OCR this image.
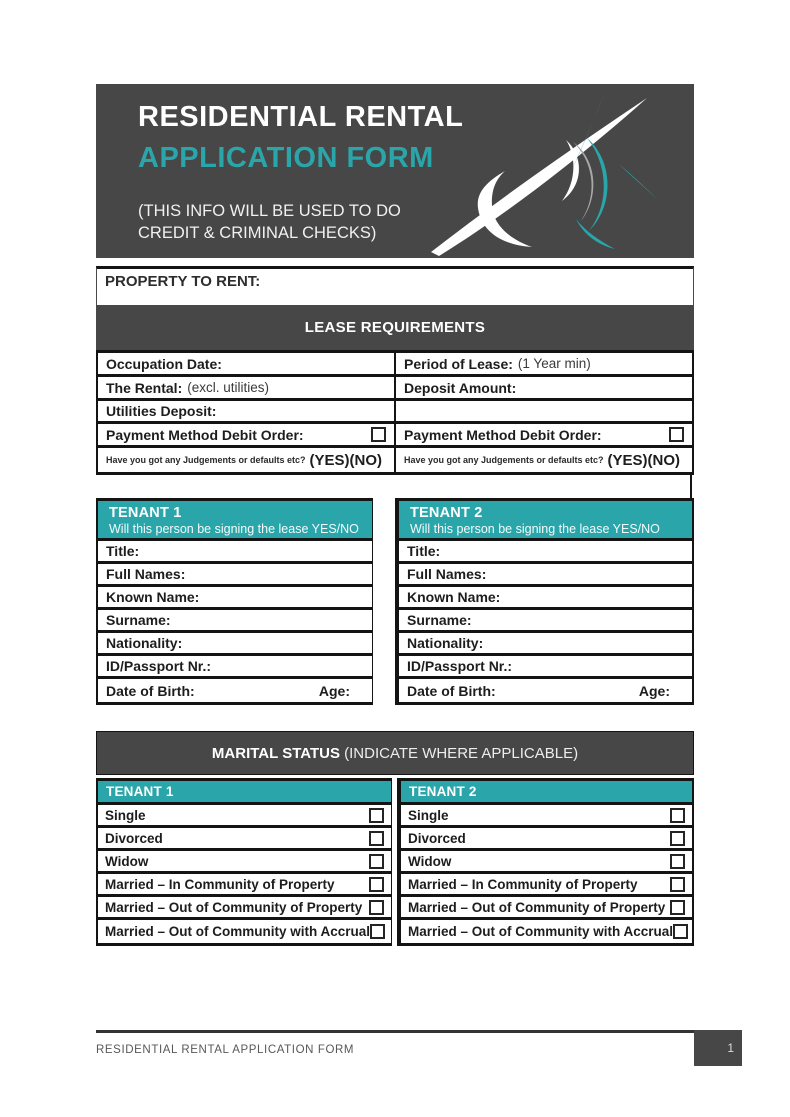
RESIDENTIAL RENTAL
APPLICATION FORM
(THIS INFO WILL BE USED TO DO
CREDIT & CRIMINAL CHECKS)
PROPERTY TO RENT:
LEASE REQUIREMENTS
Occupation Date:	Period of Lease: (1 Year min)
The Rental: (excl. utilities)	Deposit Amount:
Utilities Deposit:
Payment Method Debit Order:	Payment Method Debit Order:
Have you got any Judgements or defaults etc? (YES)(NO) Have you got any Judgements or defaults etc? (YES)(NO)
TENANT 1
Will this person be signing the lease YES/NO
Title:
Full Names:
Known Name:
Surname:
Nationality:
ID/Passport Nr.:
Date of Birth:	Age:
TENANT 2
Will this person be signing the lease YES/NO
Title:
Full Names:
Known Name:
Surname:
Nationality:
ID/Passport Nr.:
Date of Birth:	Age:
MARITAL STATUS (INDICATE WHERE APPLICABLE)
TENANT 1
Single
Divorced
Widow
Married – In Community of Property
Married – Out of Community of Property
Married – Out of Community with Accrual
TENANT 2
Single
Divorced
Widow
Married – In Community of Property
Married – Out of Community of Property
Married – Out of Community with Accrual
RESIDENTIAL RENTAL APPLICATION FORM	1
